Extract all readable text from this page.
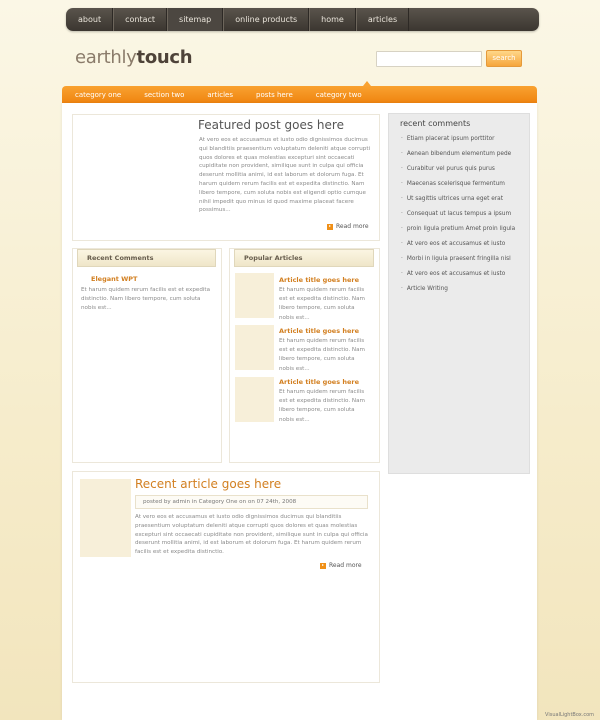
about	contact	sitemap	online products	home	articles
earthlytouch	search
category one	section two	articles	posts here	category two
Featured post goes here
At vero eos et accusamus et iusto odio dignissimos ducimus qui blanditiis praesentium voluptatum deleniti atque corrupti quos dolores et quas molestias excepturi sint occaecati cupiditate non provident, similique sunt in culpa qui officia deserunt mollitia animi, id est laborum et dolorum fuga. Et harum quidem rerum facilis est et expedita distinctio. Nam libero tempore, cum soluta nobis est eligendi optio cumque nihil impedit quo minus id quod maxime placeat facere possimus...
Read more
Recent Comments
Elegant WPT
Et harum quidem rerum facilis est et expedita distinctio. Nam libero tempore, cum soluta nobis est...
Popular Articles
Article title goes here
Et harum quidem rerum facilis est et expedita distinctio. Nam libero tempore, cum soluta nobis est...
Article title goes here
Et harum quidem rerum facilis est et expedita distinctio. Nam libero tempore, cum soluta nobis est...
Article title goes here
Et harum quidem rerum facilis est et expedita distinctio. Nam libero tempore, cum soluta nobis est...
recent comments
· Etiam placerat ipsum porttitor
· Aenean bibendum elementum pede
· Curabitur vel purus quis purus
· Maecenas scelerisque fermentum
· Ut sagittis ultrices urna eget erat
· Consequat ut lacus tempus a ipsum
· proin ligula pretium Amet proin ligula
· At vero eos et accusamus et iusto
· Morbi in ligula praesent fringilla nisl
· At vero eos et accusamus et iusto
· Article Writing
Recent article goes here
posted by admin in Category One on on 07 24th, 2008
At vero eos et accusamus et iusto odio dignissimos ducimus qui blanditiis praesentium voluptatum deleniti atque corrupti quos dolores et quas molestias excepturi sint occaecati cupiditate non provident, similique sunt in culpa qui officia deserunt mollitia animi, id est laborum et dolorum fuga. Et harum quidem rerum facilis est et expedita distinctio.
Read more
VisualLightBox.com
